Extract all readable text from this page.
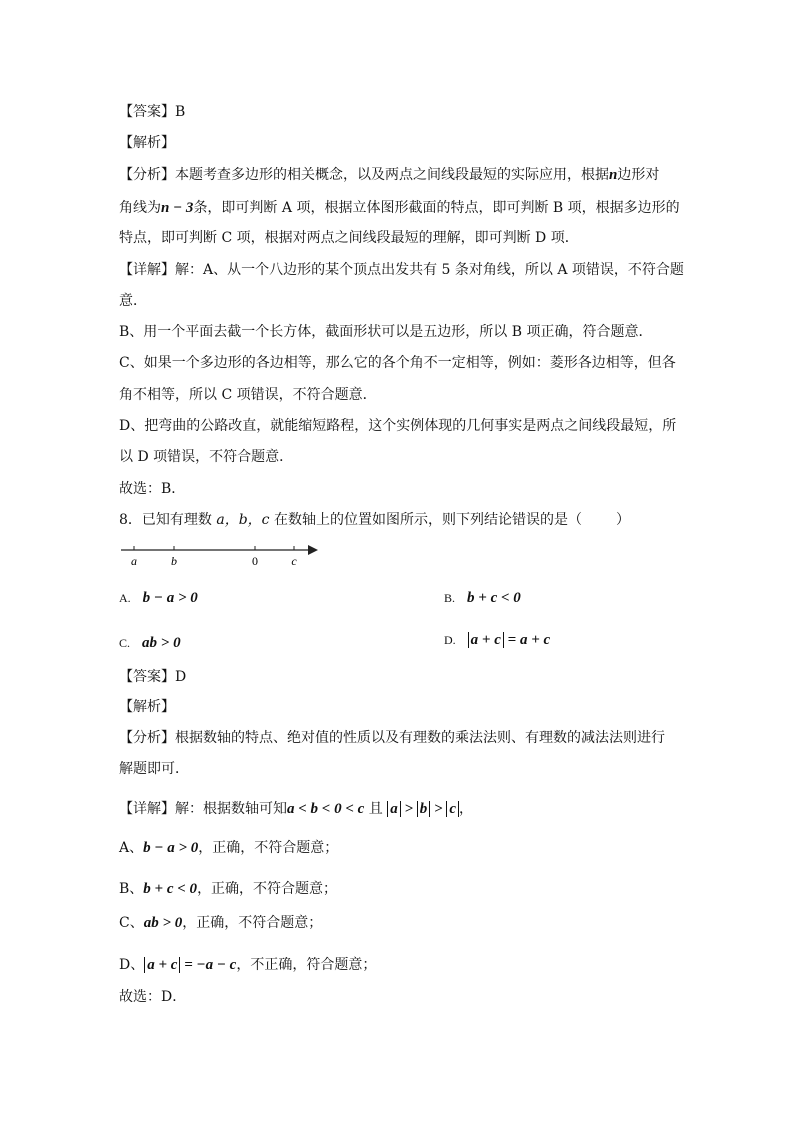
【答案】B
【解析】
【分析】本题考查多边形的相关概念，以及两点之间线段最短的实际应用，根据n边形对
角线为n − 3条，即可判断 A 项，根据立体图形截面的特点，即可判断 B 项，根据多边形的
特点，即可判断 C 项，根据对两点之间线段最短的理解，即可判断 D 项．
【详解】解：A、从一个八边形的某个顶点出发共有 5 条对角线，所以 A 项错误，不符合题
意．
B、用一个平面去截一个长方体，截面形状可以是五边形，所以 B 项正确，符合题意．
C、如果一个多边形的各边相等，那么它的各个角不一定相等，例如：菱形各边相等，但各
角不相等，所以 C 项错误，不符合题意．
D、把弯曲的公路改直，就能缩短路程，这个实例体现的几何事实是两点之间线段最短，所
以 D 项错误，不符合题意．
故选：B．
8．已知有理数 a，b，c 在数轴上的位置如图所示，则下列结论错误的是（ ）
a	b	0	c
A. b − a > 0	B. b + c < 0
C. ab > 0	D. a + c = a + c
【答案】D
【解析】
【分析】根据数轴的特点、绝对值的性质以及有理数的乘法法则、有理数的减法法则进行
解题即可．
【详解】解：根据数轴可知a < b < 0 < c 且 a > b > c ，
A、b − a > 0，正确，不符合题意；
B、b + c < 0，正确，不符合题意；
C、ab > 0，正确，不符合题意；
D、 a + c = −a − c，不正确，符合题意；
故选：D．
